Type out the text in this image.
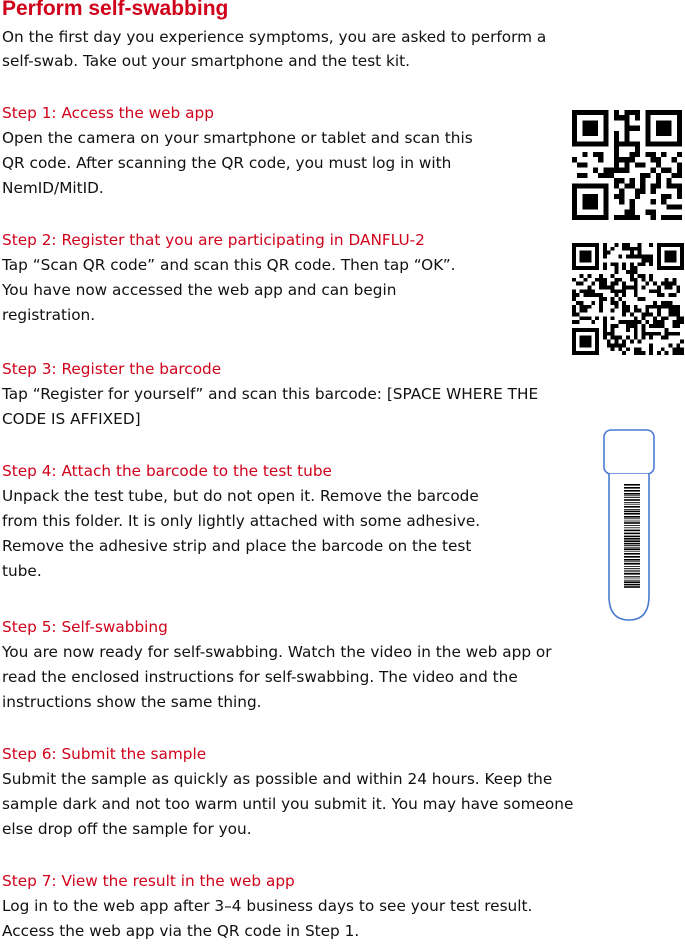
Perform self-swabbing

On the first day you experience symptoms, you are asked to perform a

self-swab. Take out your smartphone and the test kit.

Step 1: Access the web app

Open the camera on your smartphone or tablet and scan this

QR code. After scanning the QR code, you must log in with

NemID/MitID.

Step 2: Register that you are participating in DANFLU-2

Tap “Scan QR code” and scan this QR code. Then tap “OK”.

You have now accessed the web app and can begin

registration.

Step 3: Register the barcode

Tap “Register for yourself” and scan this barcode: [SPACE WHERE THE

CODE IS AFFIXED]

Step 4: Attach the barcode to the test tube

Unpack the test tube, but do not open it. Remove the barcode

from this folder. It is only lightly attached with some adhesive.

Remove the adhesive strip and place the barcode on the test

tube.

Step 5: Self-swabbing

You are now ready for self-swabbing. Watch the video in the web app or

read the enclosed instructions for self-swabbing. The video and the

instructions show the same thing.

Step 6: Submit the sample

Submit the sample as quickly as possible and within 24 hours. Keep the

sample dark and not too warm until you submit it. You may have someone

else drop off the sample for you.

Step 7: View the result in the web app

Log in to the web app after 3–4 business days to see your test result.

Access the web app via the QR code in Step 1.
